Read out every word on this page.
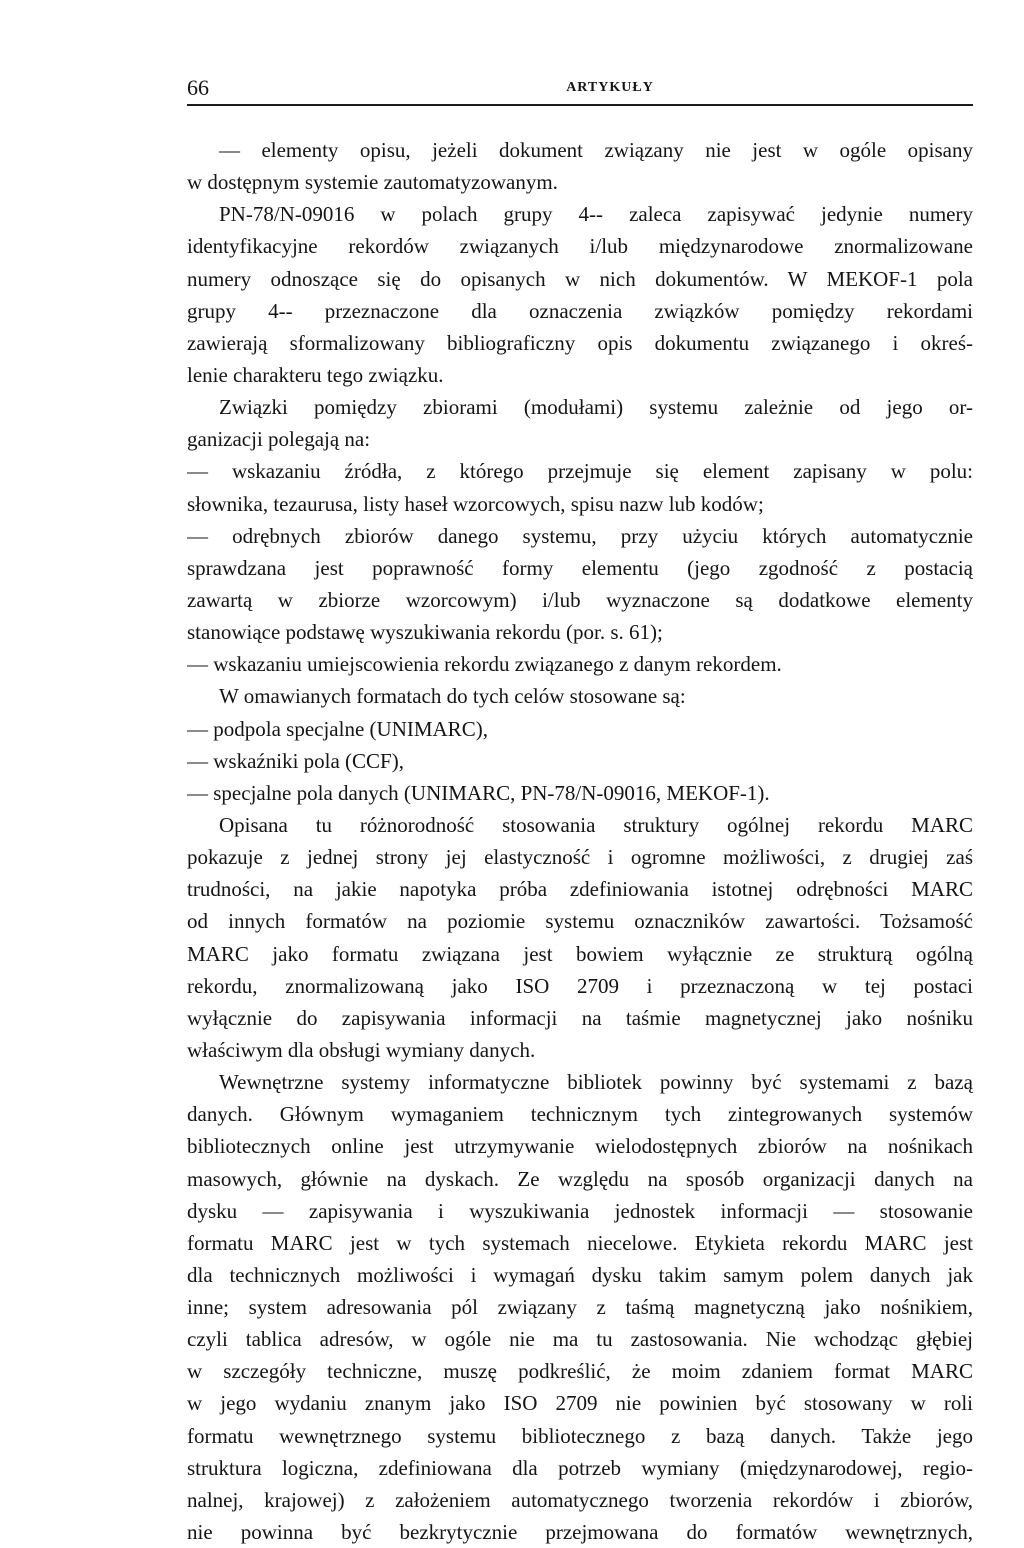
66	ARTYKUŁY
— elementy opisu, jeżeli dokument związany nie jest w ogóle opisany
w dostępnym systemie zautomatyzowanym.
PN-78/N-09016 w polach grupy 4-- zaleca zapisywać jedynie numery
identyfikacyjne rekordów związanych i/lub międzynarodowe znormalizowane
numery odnoszące się do opisanych w nich dokumentów. W MEKOF-1 pola
grupy 4-- przeznaczone dla oznaczenia związków pomiędzy rekordami
zawierają sformalizowany bibliograficzny opis dokumentu związanego i okreś-
lenie charakteru tego związku.
Związki pomiędzy zbiorami (modułami) systemu zależnie od jego or-
ganizacji polegają na:
— wskazaniu źródła, z którego przejmuje się element zapisany w polu:
słownika, tezaurusa, listy haseł wzorcowych, spisu nazw lub kodów;
— odrębnych zbiorów danego systemu, przy użyciu których automatycznie
sprawdzana jest poprawność formy elementu (jego zgodność z postacią
zawartą w zbiorze wzorcowym) i/lub wyznaczone są dodatkowe elementy
stanowiące podstawę wyszukiwania rekordu (por. s. 61);
— wskazaniu umiejscowienia rekordu związanego z danym rekordem.
W omawianych formatach do tych celów stosowane są:
— podpola specjalne (UNIMARC),
— wskaźniki pola (CCF),
— specjalne pola danych (UNIMARC, PN-78/N-09016, MEKOF-1).
Opisana tu różnorodność stosowania struktury ogólnej rekordu MARC
pokazuje z jednej strony jej elastyczność i ogromne możliwości, z drugiej zaś
trudności, na jakie napotyka próba zdefiniowania istotnej odrębności MARC
od innych formatów na poziomie systemu oznaczników zawartości. Tożsamość
MARC jako formatu związana jest bowiem wyłącznie ze strukturą ogólną
rekordu, znormalizowaną jako ISO 2709 i przeznaczoną w tej postaci
wyłącznie do zapisywania informacji na taśmie magnetycznej jako nośniku
właściwym dla obsługi wymiany danych.
Wewnętrzne systemy informatyczne bibliotek powinny być systemami z bazą
danych. Głównym wymaganiem technicznym tych zintegrowanych systemów
bibliotecznych online jest utrzymywanie wielodostępnych zbiorów na nośnikach
masowych, głównie na dyskach. Ze względu na sposób organizacji danych na
dysku — zapisywania i wyszukiwania jednostek informacji — stosowanie
formatu MARC jest w tych systemach niecelowe. Etykieta rekordu MARC jest
dla technicznych możliwości i wymagań dysku takim samym polem danych jak
inne; system adresowania pól związany z taśmą magnetyczną jako nośnikiem,
czyli tablica adresów, w ogóle nie ma tu zastosowania. Nie wchodząc głębiej
w szczegóły techniczne, muszę podkreślić, że moim zdaniem format MARC
w jego wydaniu znanym jako ISO 2709 nie powinien być stosowany w roli
formatu wewnętrznego systemu bibliotecznego z bazą danych. Także jego
struktura logiczna, zdefiniowana dla potrzeb wymiany (międzynarodowej, regio-
nalnej, krajowej) z założeniem automatycznego tworzenia rekordów i zbiorów,
nie powinna być bezkrytycznie przejmowana do formatów wewnętrznych,
